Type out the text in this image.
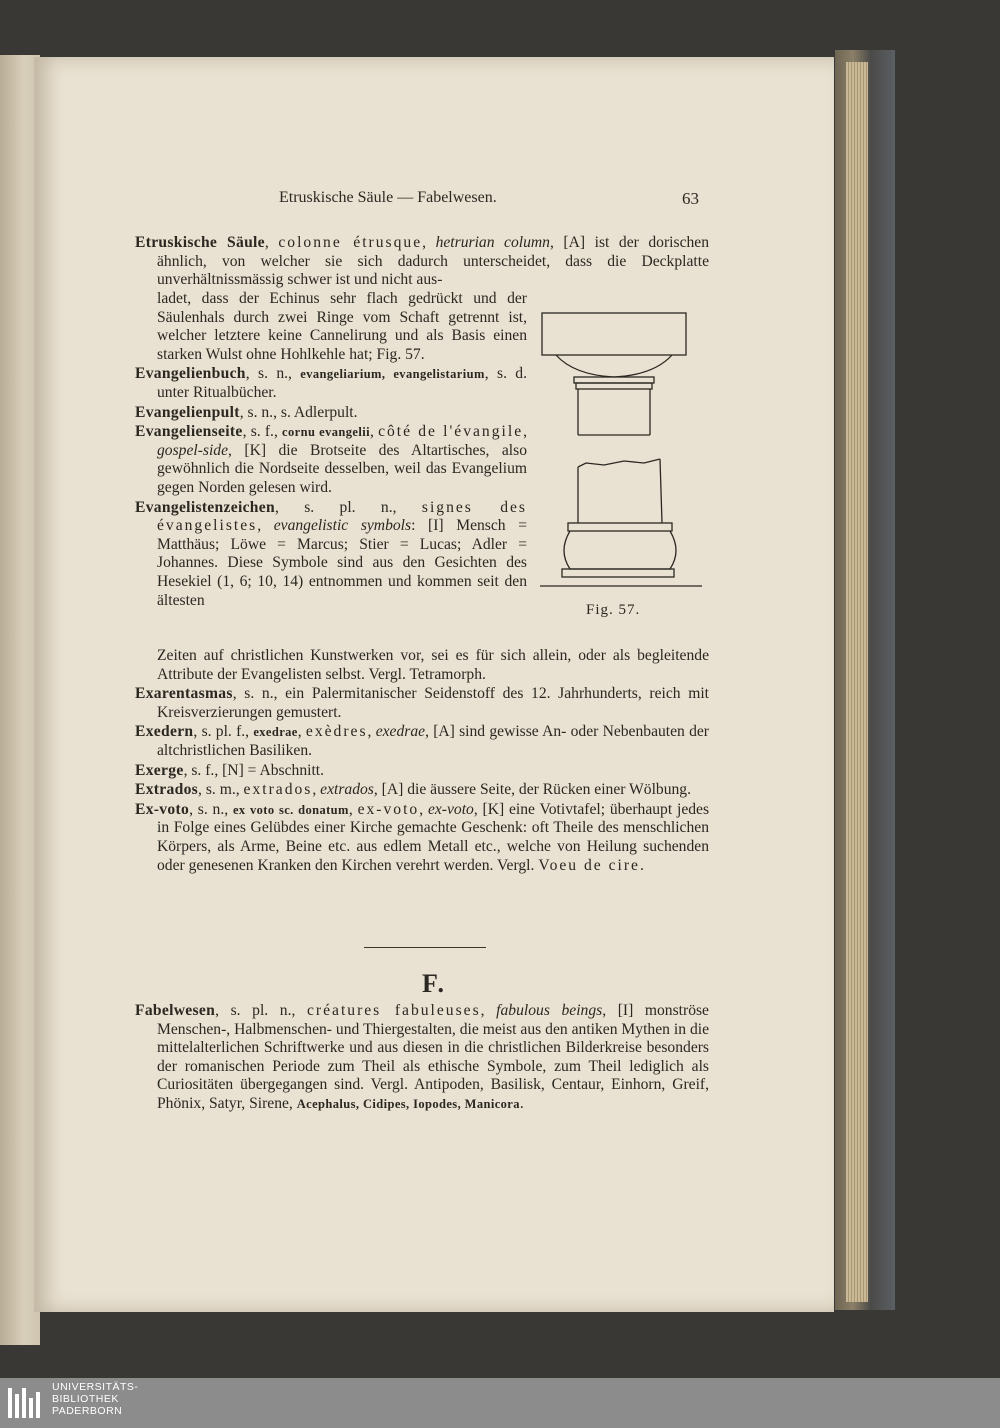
Etruskische Säule — Fabelwesen.	63

Etruskische Säule, colonne étrusque, hetrurian column, [A] ist der dorischen ähnlich, von welcher sie sich dadurch unterscheidet, dass die Deckplatte unverhältnissmässig schwer ist und nicht aus-

ladet, dass der Echinus sehr flach gedrückt und der Säulenhals durch zwei Ringe vom Schaft getrennt ist, welcher letztere keine Cannelirung und als Basis einen starken Wulst ohne Hohlkehle hat; Fig. 57.

Evangelienbuch, s. n., evangeliarium, evangelistarium, s. d. unter Ritualbücher.

Evangelienpult, s. n., s. Adlerpult.

Evangelienseite, s. f., cornu evangelii, côté de l'évangile, gospel-side, [K] die Brotseite des Altartisches, also gewöhnlich die Nordseite desselben, weil das Evangelium gegen Norden gelesen wird.

Evangelistenzeichen, s. pl. n., signes des évangelistes, evangelistic symbols: [I] Mensch = Matthäus; Löwe = Marcus; Stier = Lucas; Adler = Johannes. Diese Symbole sind aus den Gesichten des Hesekiel (1, 6; 10, 14) entnommen und kommen seit den ältesten

Fig. 57.

Zeiten auf christlichen Kunstwerken vor, sei es für sich allein, oder als begleitende Attribute der Evangelisten selbst. Vergl. Tetramorph.

Exarentasmas, s. n., ein Palermitanischer Seidenstoff des 12. Jahrhunderts, reich mit Kreisverzierungen gemustert.

Exedern, s. pl. f., exedrae, exèdres, exedrae, [A] sind gewisse An- oder Nebenbauten der altchristlichen Basiliken.

Exerge, s. f., [N] = Abschnitt.

Extrados, s. m., extrados, extrados, [A] die äussere Seite, der Rücken einer Wölbung.

Ex-voto, s. n., ex voto sc. donatum, ex-voto, ex-voto, [K] eine Votivtafel; überhaupt jedes in Folge eines Gelübdes einer Kirche gemachte Geschenk: oft Theile des menschlichen Körpers, als Arme, Beine etc. aus edlem Metall etc., welche von Heilung suchenden oder genesenen Kranken den Kirchen verehrt werden. Vergl. Voeu de cire.

F.

Fabelwesen, s. pl. n., créatures fabuleuses, fabulous beings, [I] monströse Menschen-, Halbmenschen- und Thiergestalten, die meist aus den antiken Mythen in die mittelalterlichen Schriftwerke und aus diesen in die christlichen Bilderkreise besonders der romanischen Periode zum Theil als ethische Symbole, zum Theil lediglich als Curiositäten übergegangen sind. Vergl. Antipoden, Basilisk, Centaur, Einhorn, Greif, Phönix, Satyr, Sirene, Acephalus, Cidipes, Iopodes, Manicora.

UNIVERSITÄTS-
BIBLIOTHEK
PADERBORN
